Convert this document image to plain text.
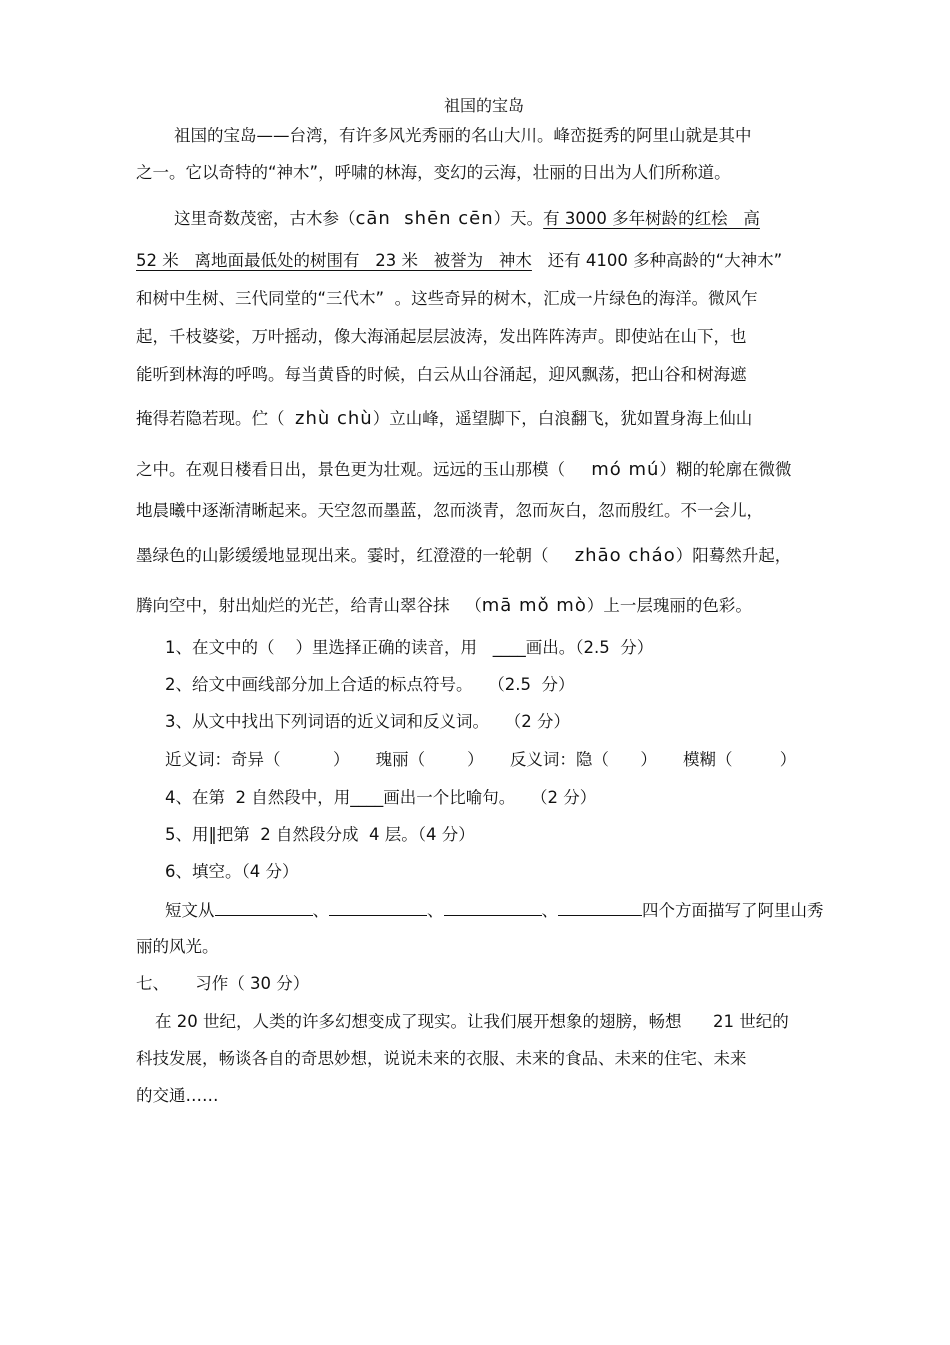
祖国的宝岛
祖国的宝岛——台湾，有许多风光秀丽的名山大川。峰峦挺秀的阿里山就是其中
之一。它以奇特的“神木”，呼啸的林海，变幻的云海，壮丽的日出为人们所称道。
这里奇数茂密，古木参（cān  shēn cēn）天。有 3000 多年树龄的红桧   高
52 米   离地面最低处的树围有   23 米   被誉为   神木   还有 4100 多种高龄的“大神木”
和树中生树、三代同堂的“三代木”  。这些奇异的树木，汇成一片绿色的海洋。微风乍
起，千枝婆娑，万叶摇动，像大海涌起层层波涛，发出阵阵涛声。即使站在山下，也
能听到林海的呼鸣。每当黄昏的时候，白云从山谷涌起，迎风飘荡，把山谷和树海遮
掩得若隐若现。伫（  zhù chù）立山峰，遥望脚下，白浪翻飞，犹如置身海上仙山
之中。在观日楼看日出，景色更为壮观。远远的玉山那模（     mó mú）糊的轮廓在微微
地晨曦中逐渐清晰起来。天空忽而墨蓝，忽而淡青，忽而灰白，忽而殷红。不一会儿，
墨绿色的山影缓缓地显现出来。霎时，红澄澄的一轮朝（     zhāo cháo）阳蓦然升起，
腾向空中，射出灿烂的光芒，给青山翠谷抹   （mā mǒ mò）上一层瑰丽的色彩。
1、在文中的（    ）里选择正确的读音，用   ____画出。（2.5  分）
2、给文中画线部分加上合适的标点符号。   （2.5  分）
3、从文中找出下列词语的近义词和反义词。   （2 分）
近义词：奇异（          ）     瑰丽（        ）     反义词：隐（      ）     模糊（         ）
4、在第  2 自然段中，用____画出一个比喻句。   （2 分）
5、用‖把第  2 自然段分成  4 层。（4 分）
6、填空。（4 分）
短文从	、	、	、	四个方面描写了阿里山秀
丽的风光。
七、     习作（ 30 分）
在 20 世纪，人类的许多幻想变成了现实。让我们展开想象的翅膀，畅想      21 世纪的
科技发展，畅谈各自的奇思妙想，说说未来的衣服、未来的食品、未来的住宅、未来
的交通……
